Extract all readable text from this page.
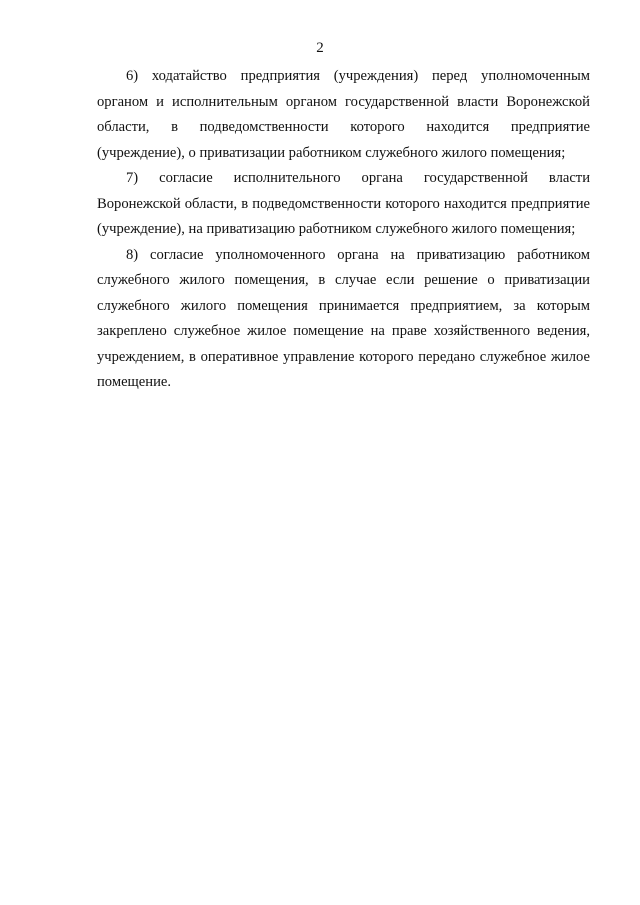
2

6) ходатайство предприятия (учреждения) перед уполномоченным органом и исполнительным органом государственной власти Воронежской области, в подведомственности которого находится предприятие (учреждение), о приватизации работником служебного жилого помещения;

7) согласие исполнительного органа государственной власти Воронежской области, в подведомственности которого находится предприятие (учреждение), на приватизацию работником служебного жилого помещения;

8) согласие уполномоченного органа на приватизацию работником служебного жилого помещения, в случае если решение о приватизации служебного жилого помещения принимается предприятием, за которым закреплено служебное жилое помещение на праве хозяйственного ведения, учреждением, в оперативное управление которого передано служебное жилое помещение.
